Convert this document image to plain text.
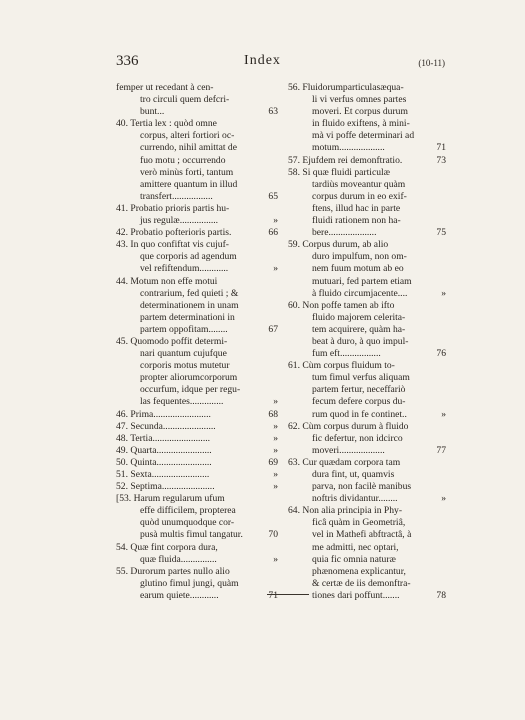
336	Index	(10-11)
femper ut recedant à cen-
tro circuli quem defcri-
bunt...	63
40. Tertia lex : quòd omne
corpus, alteri fortiori oc-
currendo, nihil amittat de
fuo motu ; occurrendo
verò minùs forti, tantum
amittere quantum in illud
transfert.................	65
41. Probatio prioris partis hu-
jus regulæ................	»
42. Probatio pofterioris partis.	66
43. In quo confiftat vis cujuf-
que corporis ad agendum
vel refiftendum............	»
44. Motum non effe motui
contrarium, fed quieti ; &
determinationem in unam
partem determinationi in
partem oppofitam........	67
45. Quomodo poffit determi-
nari quantum cujufque
corporis motus mutetur
propter aliorumcorporum
occurfum, idque per regu-
las fequentes..............	»
46. Prima........................	68
47. Secunda......................	»
48. Tertia........................	»
49. Quarta.......................	»
50. Quinta.......................	69
51. Sexta........................	»
52. Septima......................	»
[53. Harum regularum ufum
effe difficilem, propterea
quòd unumquodque cor-
pusà multis fimul tangatur.	70
54. Quæ fint corpora dura,
quæ fluida...............	»
55. Durorum partes nullo alio
glutino fimul jungi, quàm
earum quiete............	71
56. Fluidorumparticulasæqua-
li vi verfus omnes partes
moveri. Et corpus durum
in fluido exiftens, à mini-
mà vi poffe determinari ad
motum...................	71
57. Ejufdem rei demonftratio.	73
58. Si quæ fluidi particulæ
tardiùs moveantur quàm
corpus durum in eo exif-
ftens, illud hac in parte
fluidi rationem non ha-
bere....................	75
59. Corpus durum, ab alio
duro impulfum, non om-
nem fuum motum ab eo
mutuari, fed partem etiam
à fluido circumjacente....	»
60. Non poffe tamen ab ifto
fluido majorem celerita-
tem acquirere, quàm ha-
beat à duro, à quo impul-
fum eft.................	76
61. Cùm corpus fluidum to-
tum fimul verfus aliquam
partem fertur, neceffariò
fecum defere corpus du-
rum quod in fe continet..	»
62. Cùm corpus durum à fluido
fic defertur, non idcirco
moveri...................	77
63. Cur quædam corpora tam
dura fint, ut, quamvis
parva, non facilè manibus
noftris dividantur........	»
64. Non alia principia in Phy-
ficâ quàm in Geometriâ,
vel in Mathefi abftractâ, à
me admitti, nec optari,
quia fic omnia naturæ
phænomena explicantur,
& certæ de iis demonftra-
tiones dari poffunt.......	78
